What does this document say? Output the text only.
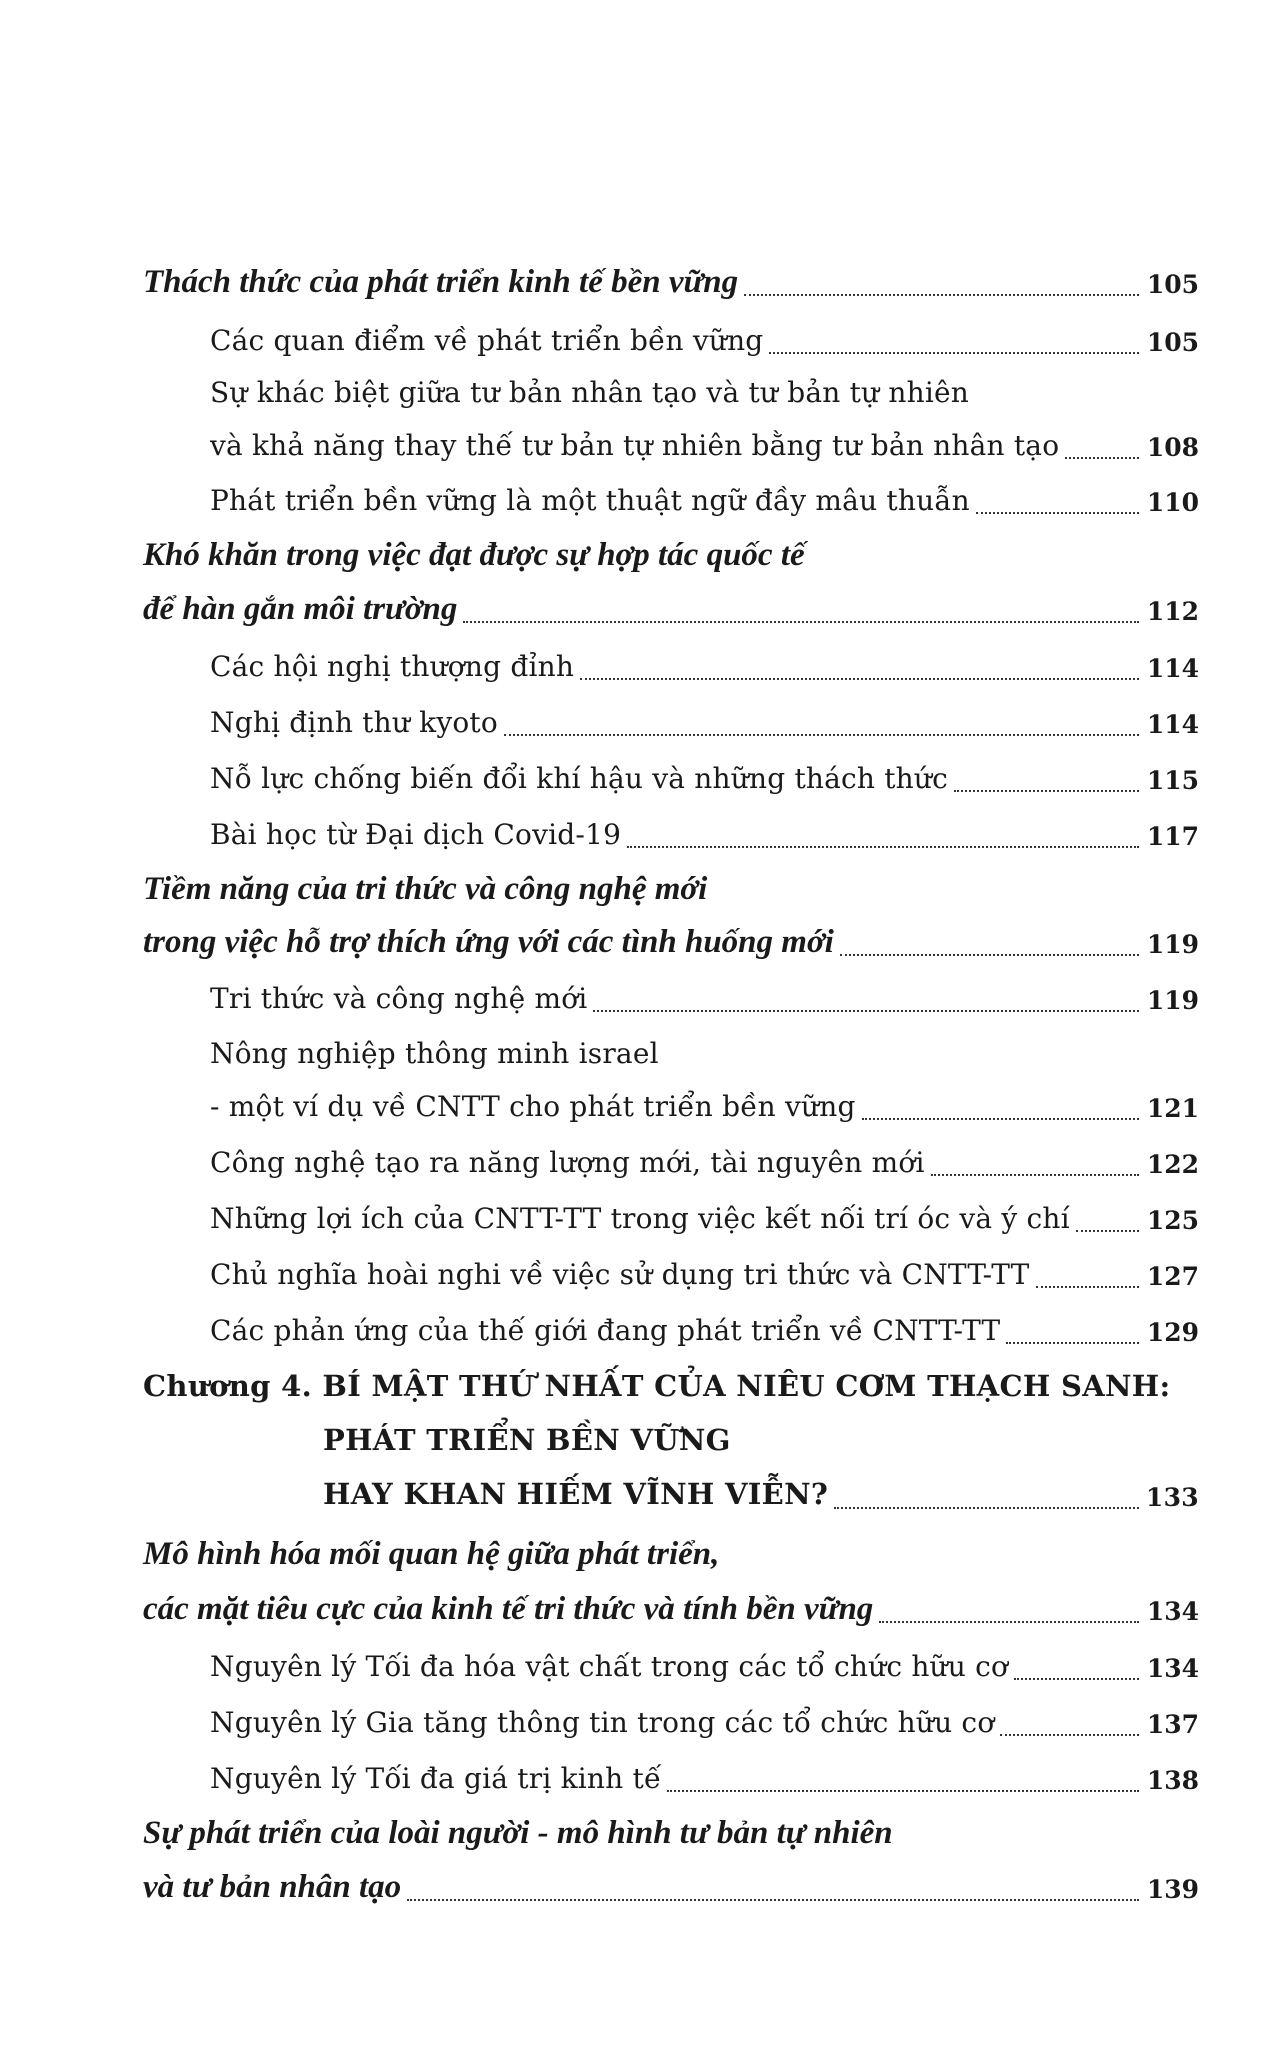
Thách thức của phát triển kinh tế bền vững	105
Các quan điểm về phát triển bền vững	105
Sự khác biệt giữa tư bản nhân tạo và tư bản tự nhiên
và khả năng thay thế tư bản tự nhiên bằng tư bản nhân tạo	108
Phát triển bền vững là một thuật ngữ đầy mâu thuẫn	110
Khó khăn trong việc đạt được sự hợp tác quốc tế
để hàn gắn môi trường	112
Các hội nghị thượng đỉnh	114
Nghị định thư kyoto	114
Nỗ lực chống biến đổi khí hậu và những thách thức	115
Bài học từ Đại dịch Covid-19	117
Tiềm năng của tri thức và công nghệ mới
trong việc hỗ trợ thích ứng với các tình huống mới	119
Tri thức và công nghệ mới	119
Nông nghiệp thông minh israel
- một ví dụ về CNTT cho phát triển bền vững	121
Công nghệ tạo ra năng lượng mới, tài nguyên mới	122
Những lợi ích của CNTT-TT trong việc kết nối trí óc và ý chí	125
Chủ nghĩa hoài nghi về việc sử dụng tri thức và CNTT-TT	127
Các phản ứng của thế giới đang phát triển về CNTT-TT	129
Chương 4. BÍ MẬT THỨ NHẤT CỦA NIÊU CƠM THẠCH SANH:
PHÁT TRIỂN BỀN VỮNG
HAY KHAN HIẾM VĨNH VIỄN?	133
Mô hình hóa mối quan hệ giữa phát triển,
các mặt tiêu cực của kinh tế tri thức và tính bền vững	134
Nguyên lý Tối đa hóa vật chất trong các tổ chức hữu cơ	134
Nguyên lý Gia tăng thông tin trong các tổ chức hữu cơ	137
Nguyên lý Tối đa giá trị kinh tế	138
Sự phát triển của loài người - mô hình tư bản tự nhiên
và tư bản nhân tạo	139
